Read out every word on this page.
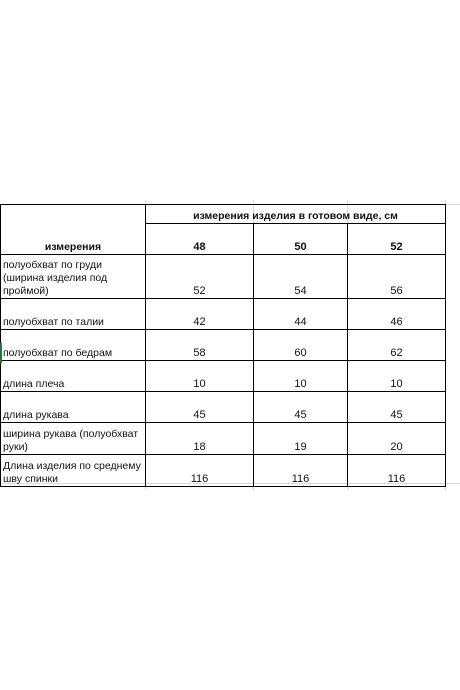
	измерения изделия в готовом виде, см		
измерения	48	50	52
полуобхват по груди (ширина изделия под проймой)	52	54	56
полуобхват по талии	42	44	46
полуобхват по бедрам	58	60	62
длина плеча	10	10	10
длина рукава	45	45	45
ширина рукава (полуобхват руки)	18	19	20
Длина изделия по среднему шву спинки	116	116	116
